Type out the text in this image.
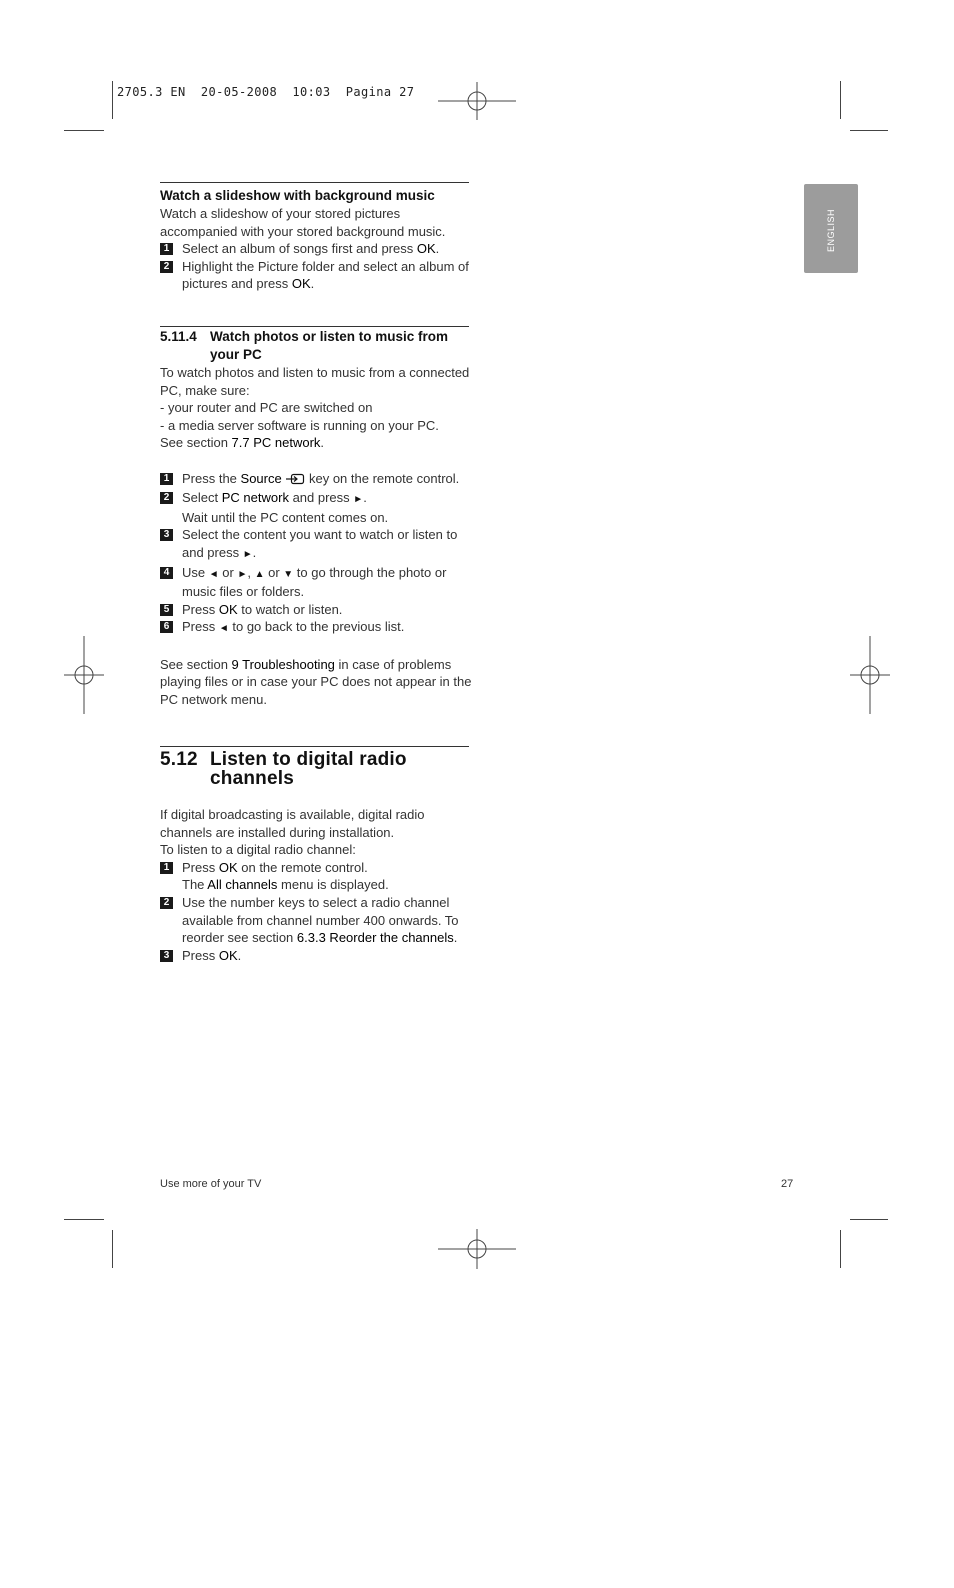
2705.3 EN  20-05-2008  10:03  Pagina 27
ENGLISH
Watch a slideshow with background music
Watch a slideshow of your stored pictures accompanied with your stored background music.
1 Select an album of songs first and press OK.
2 Highlight the Picture folder and select an album of pictures and press OK.
5.11.4 Watch photos or listen to music from your PC
To watch photos and listen to music from a connected PC, make sure:
- your router and PC are switched on
- a media server software is running on your PC.
See section 7.7 PC network.
1 Press the Source  key on the remote control.
2 Select PC network and press ►.
Wait until the PC content comes on.
3 Select the content you want to watch or listen to and press ►.
4 Use ◄ or ►, ▲ or ▼ to go through the photo or music files or folders.
5 Press OK to watch or listen.
6 Press ◄ to go back to the previous list.
See section 9 Troubleshooting in case of problems playing files or in case your PC does not appear in the PC network menu.
5.12 Listen to digital radio channels
If digital broadcasting is available, digital radio channels are installed during installation.
To listen to a digital radio channel:
1 Press OK on the remote control.
The All channels menu is displayed.
2 Use the number keys to select a radio channel available from channel number 400 onwards. To reorder see section 6.3.3 Reorder the channels.
3 Press OK.
Use more of your TV	27
